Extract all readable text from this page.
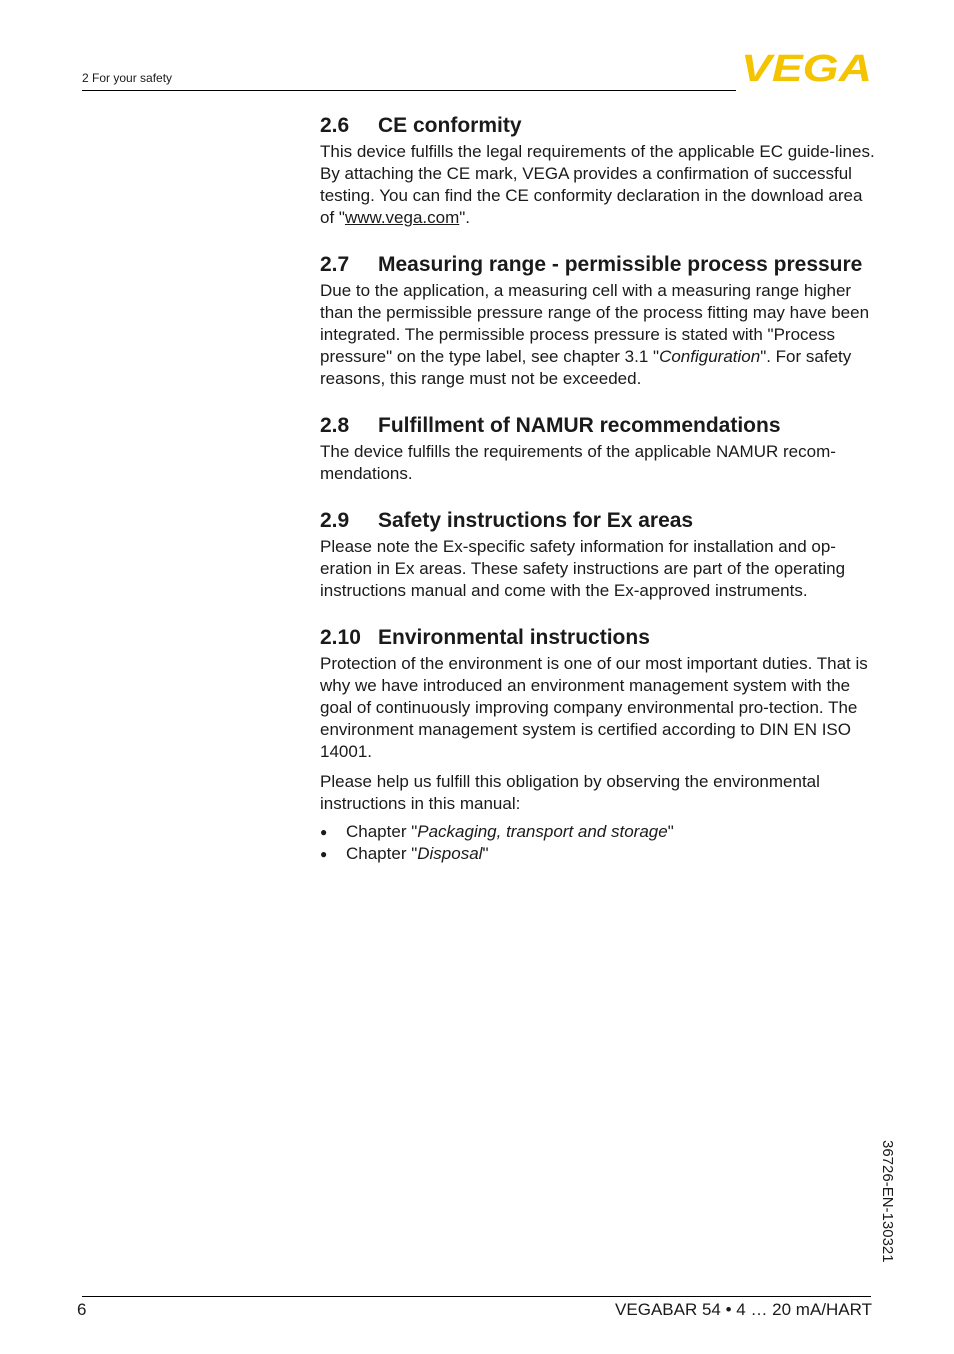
2 For your safety	VEGA
2.6	CE conformity

This device fulfills the legal requirements of the applicable EC guide-lines. By attaching the CE mark, VEGA provides a confirmation of successful testing. You can find the CE conformity declaration in the download area of "www.vega.com".

2.7	Measuring range - permissible process pressure

Due to the application, a measuring cell with a measuring range higher than the permissible pressure range of the process fitting may have been integrated. The permissible process pressure is stated with "Process pressure" on the type label, see chapter 3.1 "Configuration". For safety reasons, this range must not be exceeded.

2.8	Fulfillment of NAMUR recommendations

The device fulfills the requirements of the applicable NAMUR recom-mendations.

2.9	Safety instructions for Ex areas

Please note the Ex-specific safety information for installation and op-eration in Ex areas. These safety instructions are part of the operating instructions manual and come with the Ex-approved instruments.

2.10 Environmental instructions

Protection of the environment is one of our most important duties. That is why we have introduced an environment management system with the goal of continuously improving company environmental pro-tection. The environment management system is certified according to DIN EN ISO 14001.

Please help us fulfill this obligation by observing the environmental instructions in this manual:

● Chapter "Packaging, transport and storage"
● Chapter "Disposal"
36726-EN-130321
6	VEGABAR 54 • 4 … 20 mA/HART
